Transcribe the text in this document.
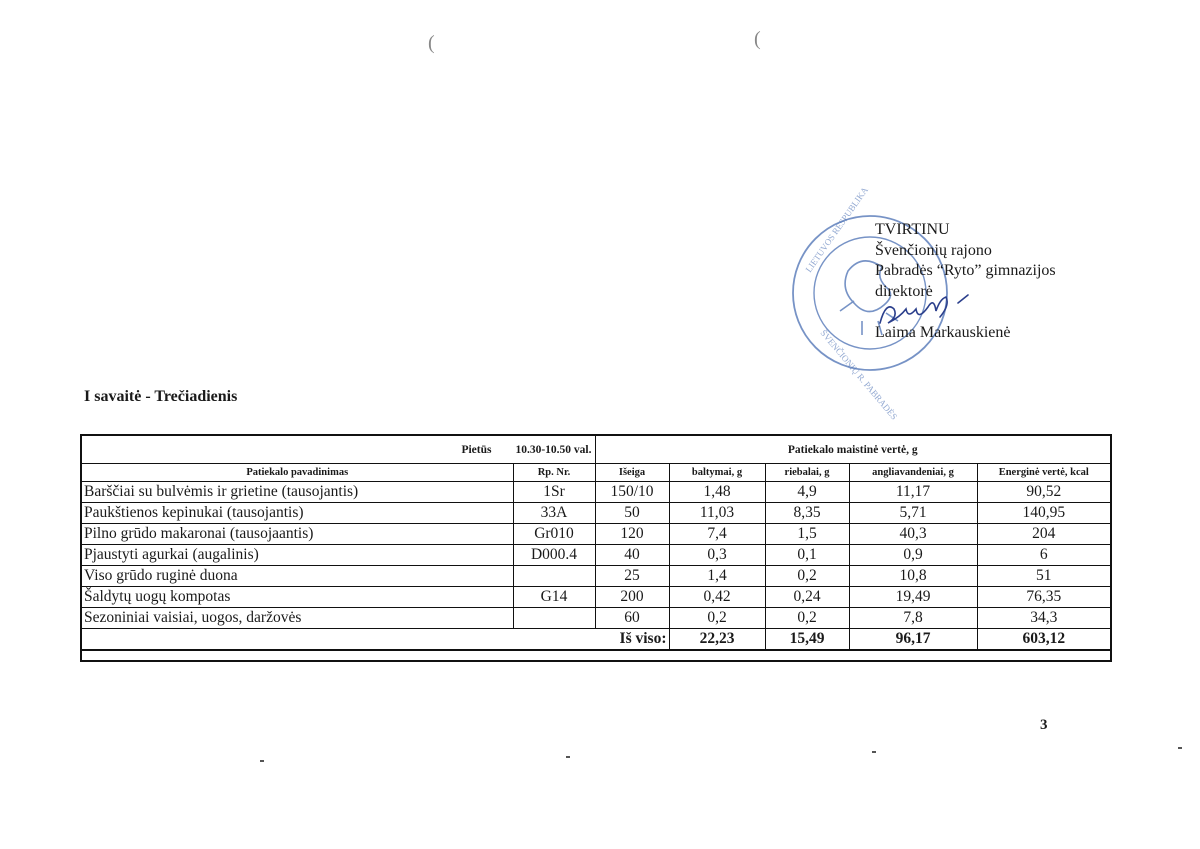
(	(
LIETUVOS RESPUBLIKA
ŠVENČIONIŲ R. PABRADĖS
TVIRTINU
Švenčionių rajono
Pabradės “Ryto” gimnazijos
direktorė
Laima Markauskienė
I savaitė - Trečiadienis
Pietūs 10.30-10.50 val.		Patiekalo maistinė vertė, g				
Patiekalo pavadinimas	Rp. Nr.	Išeiga	baltymai, g	riebalai, g	angliavandeniai, g	Energinė vertė, kcal
Barščiai su bulvėmis ir grietine (tausojantis)	1Sr	150/10	1,48	4,9	11,17	90,52
Paukštienos kepinukai (tausojantis)	33A	50	11,03	8,35	5,71	140,95
Pilno grūdo makaronai (tausojaantis)	Gr010	120	7,4	1,5	40,3	204
Pjaustyti agurkai (augalinis)	D000.4	40	0,3	0,1	0,9	6
Viso grūdo ruginė duona		25	1,4	0,2	10,8	51
Šaldytų uogų kompotas	G14	200	0,42	0,24	19,49	76,35
Sezoniniai vaisiai, uogos, daržovės		60	0,2	0,2	7,8	34,3
Iš viso:			22,23	15,49	96,17	603,12

3
